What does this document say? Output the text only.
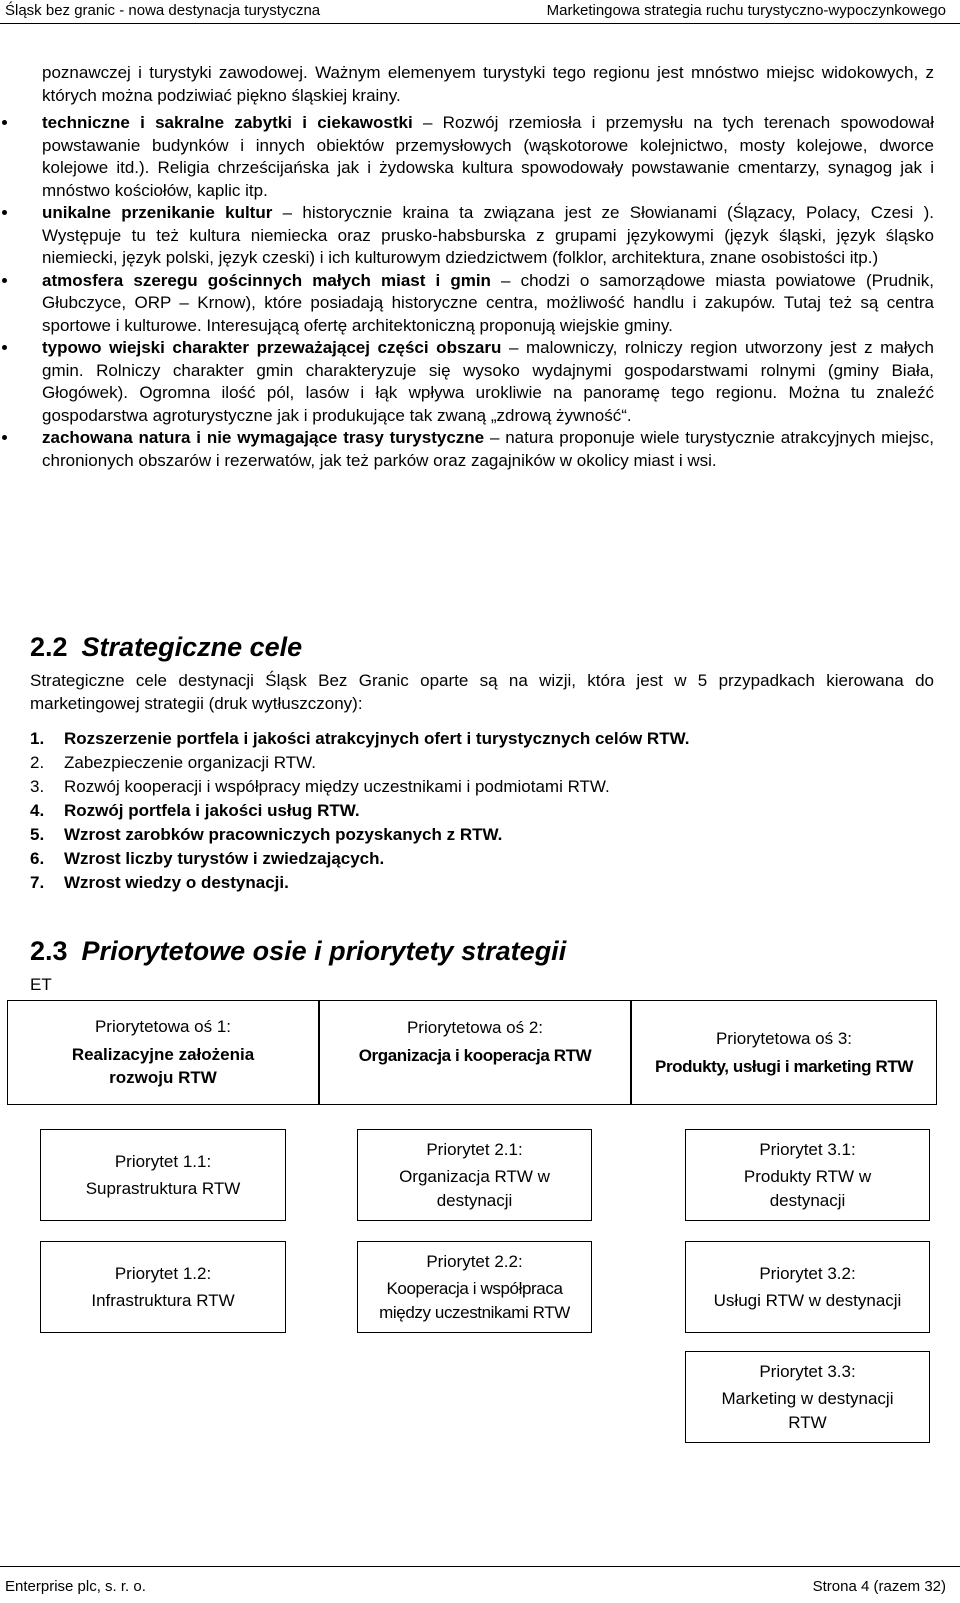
Śląsk bez granic - nowa destynacja turystyczna	Marketingowa strategia ruchu turystyczno-wypoczynkowego
poznawczej i turystyki zawodowej. Ważnym elemenyem turystyki tego regionu jest mnóstwo miejsc widokowych, z których można podziwiać piękno śląskiej krainy.
techniczne i sakralne zabytki i ciekawostki – Rozwój rzemiosła i przemysłu na tych terenach spowodował powstawanie budynków i innych obiektów przemysłowych (wąskotorowe kolejnictwo, mosty kolejowe, dworce kolejowe itd.). Religia chrześcijańska jak i żydowska kultura spowodowały powstawanie cmentarzy, synagog jak i mnóstwo kościołów, kaplic itp.
unikalne przenikanie kultur – historycznie kraina ta związana jest ze Słowianami (Ślązacy, Polacy, Czesi ). Występuje tu też kultura niemiecka oraz prusko-habsburska z grupami językowymi (język śląski, język śląsko niemiecki, język polski, język czeski) i ich kulturowym dziedzictwem (folklor, architektura, znane osobistości itp.)
atmosfera szeregu gościnnych małych miast i gmin – chodzi o samorządowe miasta powiatowe (Prudnik, Głubczyce, ORP – Krnow), które posiadają historyczne centra, możliwość handlu i zakupów. Tutaj też są centra sportowe i kulturowe. Interesującą ofertę architektoniczną proponują wiejskie gminy.
typowo wiejski charakter przeważającej części obszaru – malowniczy, rolniczy region utworzony jest z małych gmin. Rolniczy charakter gmin charakteryzuje się wysoko wydajnymi gospodarstwami rolnymi (gminy Biała, Głogówek). Ogromna ilość pól, lasów i łąk wpływa urokliwie na panoramę tego regionu. Można tu znaleźć gospodarstwa agroturystyczne jak i produkujące tak zwaną „zdrową żywność“.
zachowana natura i nie wymagające trasy turystyczne – natura proponuje wiele turystycznie atrakcyjnych miejsc, chronionych obszarów i rezerwatów, jak też parków oraz zagajników w okolicy miast i wsi.
2.2 Strategiczne cele
Strategiczne cele destynacji Śląsk Bez Granic oparte są na wizji, która jest w 5 przypadkach kierowana do marketingowej strategii (druk wytłuszczony):
1. Rozszerzenie portfela i jakości atrakcyjnych ofert i turystycznych celów RTW.
2. Zabezpieczenie organizacji RTW.
3. Rozwój kooperacji i współpracy między uczestnikami i podmiotami RTW.
4. Rozwój portfela i jakości usług RTW.
5. Wzrost zarobków pracowniczych pozyskanych z RTW.
6. Wzrost liczby turystów i zwiedzających.
7. Wzrost wiedzy o destynacji.
2.3 Priorytetowe osie i priorytety strategii
ET
Priorytetowa oś 1:
Realizacyjne założenia rozwoju RTW
Priorytetowa oś 2:
Organizacja i kooperacja RTW
Priorytetowa oś 3:
Produkty, usługi i marketing RTW
Priorytet 1.1:
Suprastruktura RTW
Priorytet 2.1:
Organizacja RTW w destynacji
Priorytet 3.1:
Produkty RTW w destynacji
Priorytet 1.2:
Infrastruktura RTW
Priorytet 2.2:
Kooperacja i współpraca między uczestnikami RTW
Priorytet 3.2:
Usługi RTW w destynacji
Priorytet 3.3:
Marketing w destynacji RTW
Enterprise plc, s. r. o.	Strona 4 (razem 32)
